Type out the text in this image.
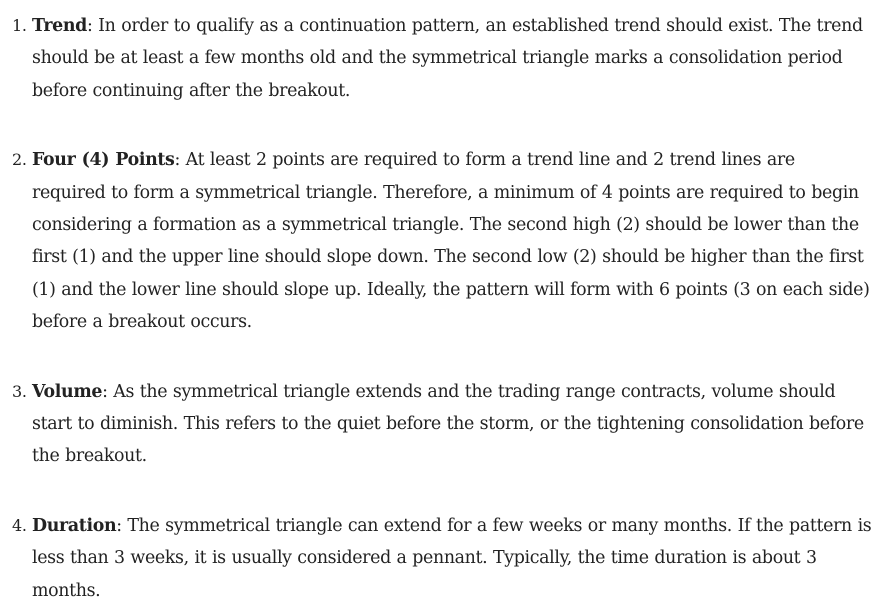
1. Trend: In order to qualify as a continuation pattern, an established trend should exist. The trend should be at least a few months old and the symmetrical triangle marks a consolidation period before continuing after the breakout.
2. Four (4) Points: At least 2 points are required to form a trend line and 2 trend lines are required to form a symmetrical triangle. Therefore, a minimum of 4 points are required to begin considering a formation as a symmetrical triangle. The second high (2) should be lower than the first (1) and the upper line should slope down. The second low (2) should be higher than the first (1) and the lower line should slope up. Ideally, the pattern will form with 6 points (3 on each side) before a breakout occurs.
3. Volume: As the symmetrical triangle extends and the trading range contracts, volume should start to diminish. This refers to the quiet before the storm, or the tightening consolidation before the breakout.
4. Duration: The symmetrical triangle can extend for a few weeks or many months. If the pattern is less than 3 weeks, it is usually considered a pennant. Typically, the time duration is about 3 months.
